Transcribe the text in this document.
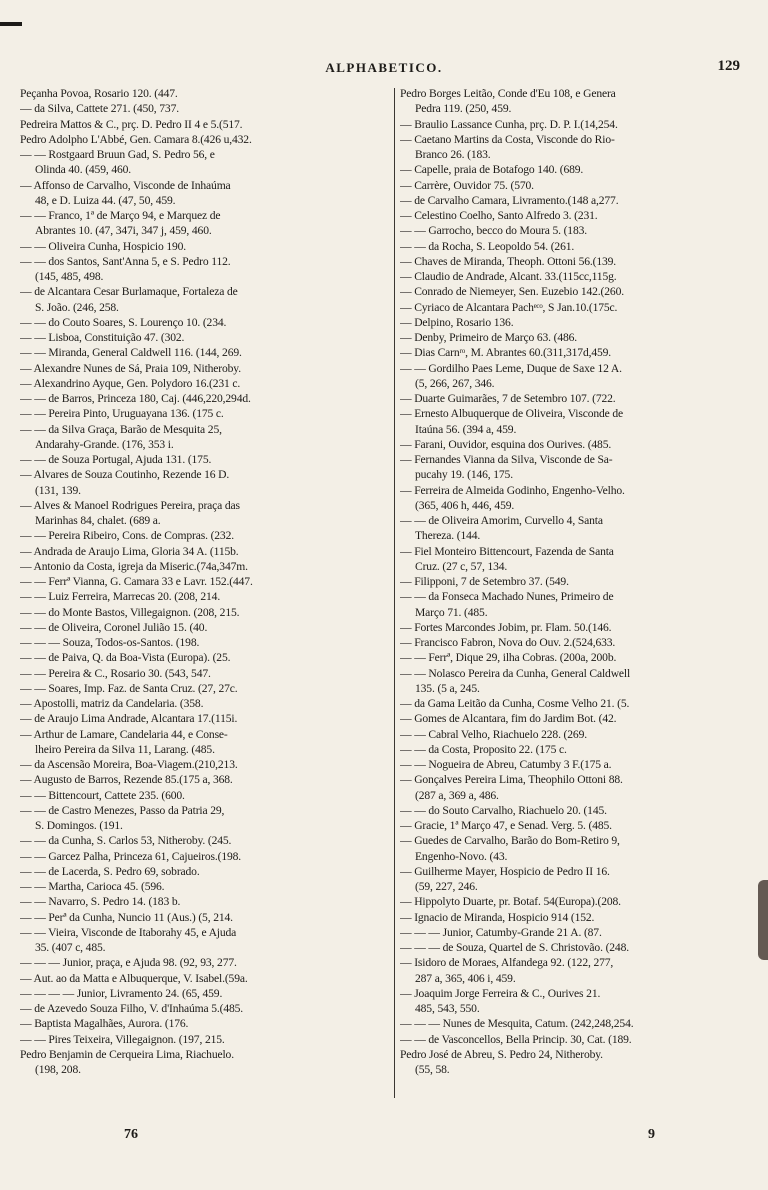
ALPHABETICO.	129
Peçanha Povoa, Rosario 120. (447.
— da Silva, Cattete 271. (450, 737.
Pedreira Mattos & C., prç. D. Pedro II 4 e 5.(517.
Pedro Adolpho L'Abbé, Gen. Camara 8.(426 u,432.
— — Rostgaard Bruun Gad, S. Pedro 56, e
Olinda 40. (459, 460.
— Affonso de Carvalho, Visconde de Inhaúma
48, e D. Luiza 44. (47, 50, 459.
— — Franco, 1ª de Março 94, e Marquez de
Abrantes 10. (47, 347i, 347 j, 459, 460.
— — Oliveira Cunha, Hospicio 190.
— — dos Santos, Sant'Anna 5, e S. Pedro 112.
(145, 485, 498.
— de Alcantara Cesar Burlamaque, Fortaleza de
S. João. (246, 258.
— — do Couto Soares, S. Lourenço 10. (234.
— — Lisboa, Constituição 47. (302.
— — Miranda, General Caldwell 116. (144, 269.
— Alexandre Nunes de Sá, Praia 109, Nitheroby.
— Alexandrino Ayque, Gen. Polydoro 16.(231 c.
— — de Barros, Princeza 180, Caj. (446,220,294d.
— — Pereira Pinto, Uruguayana 136. (175 c.
— — da Silva Graça, Barão de Mesquita 25,
Andarahy-Grande. (176, 353 i.
— — de Souza Portugal, Ajuda 131. (175.
— Alvares de Souza Coutinho, Rezende 16 D.
(131, 139.
— Alves & Manoel Rodrigues Pereira, praça das
Marinhas 84, chalet. (689 a.
— — Pereira Ribeiro, Cons. de Compras. (232.
— Andrada de Araujo Lima, Gloria 34 A. (115b.
— Antonio da Costa, igreja da Miseric.(74a,347m.
— — Ferrª Vianna, G. Camara 33 e Lavr. 152.(447.
— — Luiz Ferreira, Marrecas 20. (208, 214.
— — do Monte Bastos, Villegaignon. (208, 215.
— — de Oliveira, Coronel Julião 15. (40.
— — — Souza, Todos-os-Santos. (198.
— — de Paiva, Q. da Boa-Vista (Europa). (25.
— — Pereira & C., Rosario 30. (543, 547.
— — Soares, Imp. Faz. de Santa Cruz. (27, 27c.
— Apostolli, matriz da Candelaria. (358.
— de Araujo Lima Andrade, Alcantara 17.(115i.
— Arthur de Lamare, Candelaria 44, e Conse-
lheiro Pereira da Silva 11, Larang. (485.
— da Ascensão Moreira, Boa-Viagem.(210,213.
— Augusto de Barros, Rezende 85.(175 a, 368.
— — Bittencourt, Cattete 235. (600.
— — de Castro Menezes, Passo da Patria 29,
S. Domingos. (191.
— — da Cunha, S. Carlos 53, Nitheroby. (245.
— — Garcez Palha, Princeza 61, Cajueiros.(198.
— — de Lacerda, S. Pedro 69, sobrado.
— — Martha, Carioca 45. (596.
— — Navarro, S. Pedro 14. (183 b.
— — Perª da Cunha, Nuncio 11 (Aus.) (5, 214.
— — Vieira, Visconde de Itaborahy 45, e Ajuda
35. (407 c, 485.
— — — Junior, praça, e Ajuda 98. (92, 93, 277.
— Aut. ao da Matta e Albuquerque, V. Isabel.(59a.
— — — — Junior, Livramento 24. (65, 459.
— de Azevedo Souza Filho, V. d'Inhaúma 5.(485.
— Baptista Magalhães, Aurora. (176.
— — Pires Teixeira, Villegaignon. (197, 215.
Pedro Benjamin de Cerqueira Lima, Riachuelo.
(198, 208.
Pedro Borges Leitão, Conde d'Eu 108, e Genera
Pedra 119. (250, 459.
— Braulio Lassance Cunha, prç. D. P. I.(14,254.
— Caetano Martins da Costa, Visconde do Rio-
Branco 26. (183.
— Capelle, praia de Botafogo 140. (689.
— Carrère, Ouvidor 75. (570.
— de Carvalho Camara, Livramento.(148 a,277.
— Celestino Coelho, Santo Alfredo 3. (231.
— — Garrocho, becco do Moura 5. (183.
— — da Rocha, S. Leopoldo 54. (261.
— Chaves de Miranda, Theoph. Ottoni 56.(139.
— Claudio de Andrade, Alcant. 33.(115cc,115g.
— Conrado de Niemeyer, Sen. Euzebio 142.(260.
— Cyriaco de Alcantara Pachᵉᶜᵒ, S Jan.10.(175c.
— Delpino, Rosario 136.
— Denby, Primeiro de Março 63. (486.
— Dias Carnʳᵒ, M. Abrantes 60.(311,317d,459.
— — Gordilho Paes Leme, Duque de Saxe 12 A.
(5, 266, 267, 346.
— Duarte Guimarães, 7 de Setembro 107. (722.
— Ernesto Albuquerque de Oliveira, Visconde de
Itaúna 56. (394 a, 459.
— Farani, Ouvidor, esquina dos Ourives. (485.
— Fernandes Vianna da Silva, Visconde de Sa-
pucahy 19. (146, 175.
— Ferreira de Almeida Godinho, Engenho-Velho.
(365, 406 h, 446, 459.
— — de Oliveira Amorim, Curvello 4, Santa
Thereza. (144.
— Fiel Monteiro Bittencourt, Fazenda de Santa
Cruz. (27 c, 57, 134.
— Filipponi, 7 de Setembro 37. (549.
— — da Fonseca Machado Nunes, Primeiro de
Março 71. (485.
— Fortes Marcondes Jobim, pr. Flam. 50.(146.
— Francisco Fabron, Nova do Ouv. 2.(524,633.
— — Ferrª, Dique 29, ilha Cobras. (200a, 200b.
— — Nolasco Pereira da Cunha, General Caldwell
135. (5 a, 245.
— da Gama Leitão da Cunha, Cosme Velho 21. (5.
— Gomes de Alcantara, fim do Jardim Bot. (42.
— — Cabral Velho, Riachuelo 228. (269.
— — da Costa, Proposito 22. (175 c.
— — Nogueira de Abreu, Catumby 3 F.(175 a.
— Gonçalves Pereira Lima, Theophilo Ottoni 88.
(287 a, 369 a, 486.
— — do Souto Carvalho, Riachuelo 20. (145.
— Gracie, 1ª Março 47, e Senad. Verg. 5. (485.
— Guedes de Carvalho, Barão do Bom-Retiro 9,
Engenho-Novo. (43.
— Guilherme Mayer, Hospicio de Pedro II 16.
(59, 227, 246.
— Hippolyto Duarte, pr. Botaf. 54(Europa).(208.
— Ignacio de Miranda, Hospicio 914 (152.
— — — Junior, Catumby-Grande 21 A. (87.
— — — de Souza, Quartel de S. Christovão. (248.
— Isidoro de Moraes, Alfandega 92. (122, 277,
287 a, 365, 406 i, 459.
— Joaquim Jorge Ferreira & C., Ourives 21.
485, 543, 550.
— — — Nunes de Mesquita, Catum. (242,248,254.
— — de Vasconcellos, Bella Princip. 30, Cat. (189.
Pedro José de Abreu, S. Pedro 24, Nitheroby.
(55, 58.
76	9
